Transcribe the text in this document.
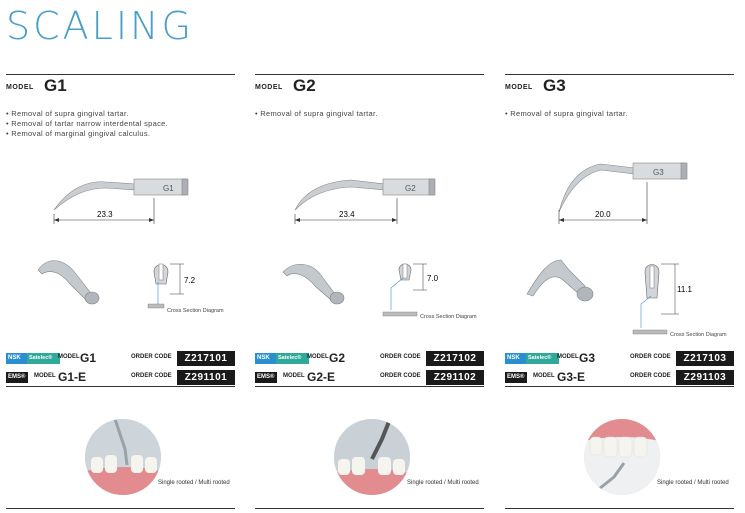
SCALING
MODEL G1
• Removal of supra gingival tartar.
• Removal of tartar narrow interdental space.
• Removal of marginal gingival calculus.
G1
23.3
7.2
Cross Section Diagram
NSK	Satelec® MODEL G1	ORDER CODE	Z217101
EMS®	MODEL G1-E	ORDER CODE	Z291101
Single rooted / Multi rooted
MODEL G2
• Removal of supra gingival tartar.
G2
23.4
7.0
Cross Section Diagram
NSK	Satelec® MODEL G2	ORDER CODE	Z217102
EMS®	MODEL G2-E	ORDER CODE	Z291102
Single rooted / Multi rooted
MODEL G3
• Removal of supra gingival tartar.
G3
20.0
11.1
Cross Section Diagram
NSK	Satelec® MODEL G3	ORDER CODE	Z217103
EMS®	MODEL G3-E	ORDER CODE	Z291103
Single rooted / Multi rooted
